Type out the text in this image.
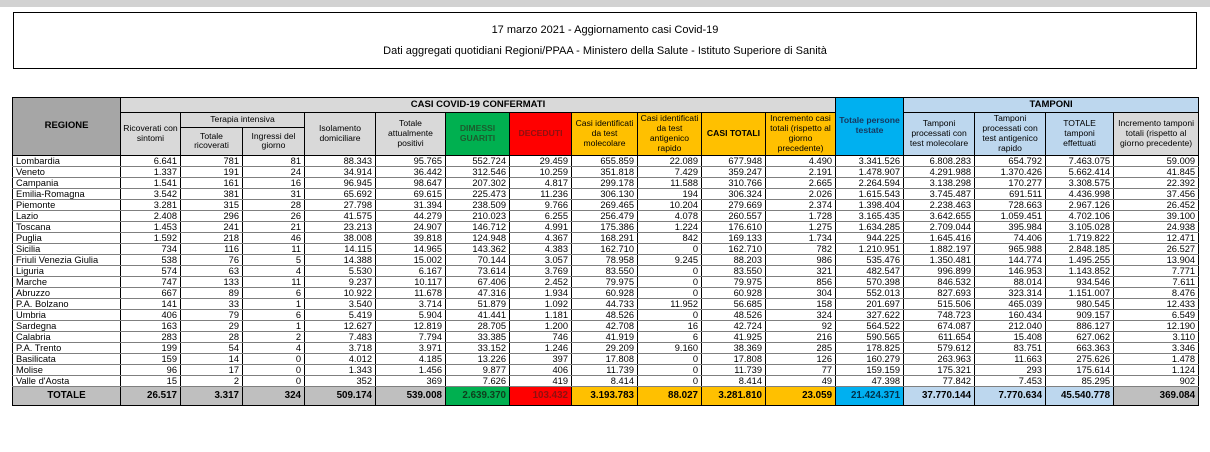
17 marzo 2021 - Aggiornamento casi Covid-19
Dati aggregati quotidiani Regioni/PPAA - Ministero della Salute - Istituto Superiore di Sanità
REGIONE	CASI COVID-19 CONFERMATI											Totale persone testate	TAMPONI			
	Ricoverati con sintomi	Terapia intensiva		Isolamento domiciliare	Totale attualmente positivi	DIMESSI GUARITI	DECEDUTI	Casi identificati da test molecolare	Casi identificati da test antigenico rapido	CASI TOTALI	Incremento casi totali (rispetto al giorno precedente)		Tamponi processati con test molecolare	Tamponi processati con test antigenico rapido	TOTALE tamponi effettuati	Incremento tamponi totali (rispetto al giorno precedente)
		Totale ricoverati	Ingressi del giorno													
Lombardia	6.641	781	81	88.343	95.765	552.724	29.459	655.859	22.089	677.948	4.490	3.341.526	6.808.283	654.792	7.463.075	59.009
Veneto	1.337	191	24	34.914	36.442	312.546	10.259	351.818	7.429	359.247	2.191	1.478.907	4.291.988	1.370.426	5.662.414	41.845
Campania	1.541	161	16	96.945	98.647	207.302	4.817	299.178	11.588	310.766	2.665	2.264.594	3.138.298	170.277	3.308.575	22.392
Emilia-Romagna	3.542	381	31	65.692	69.615	225.473	11.236	306.130	194	306.324	2.026	1.615.543	3.745.487	691.511	4.436.998	37.456
Piemonte	3.281	315	28	27.798	31.394	238.509	9.766	269.465	10.204	279.669	2.374	1.398.404	2.238.463	728.663	2.967.126	26.452
Lazio	2.408	296	26	41.575	44.279	210.023	6.255	256.479	4.078	260.557	1.728	3.165.435	3.642.655	1.059.451	4.702.106	39.100
Toscana	1.453	241	21	23.213	24.907	146.712	4.991	175.386	1.224	176.610	1.275	1.634.285	2.709.044	395.984	3.105.028	24.938
Puglia	1.592	218	46	38.008	39.818	124.948	4.367	168.291	842	169.133	1.734	944.225	1.645.416	74.406	1.719.822	12.471
Sicilia	734	116	11	14.115	14.965	143.362	4.383	162.710	0	162.710	782	1.210.951	1.882.197	965.988	2.848.185	26.527
Friuli Venezia Giulia	538	76	5	14.388	15.002	70.144	3.057	78.958	9.245	88.203	986	535.476	1.350.481	144.774	1.495.255	13.904
Liguria	574	63	4	5.530	6.167	73.614	3.769	83.550	0	83.550	321	482.547	996.899	146.953	1.143.852	7.771
Marche	747	133	11	9.237	10.117	67.406	2.452	79.975	0	79.975	856	570.398	846.532	88.014	934.546	7.611
Abruzzo	667	89	6	10.922	11.678	47.316	1.934	60.928	0	60.928	304	552.013	827.693	323.314	1.151.007	8.476
P.A. Bolzano	141	33	1	3.540	3.714	51.879	1.092	44.733	11.952	56.685	158	201.697	515.506	465.039	980.545	12.433
Umbria	406	79	6	5.419	5.904	41.441	1.181	48.526	0	48.526	324	327.622	748.723	160.434	909.157	6.549
Sardegna	163	29	1	12.627	12.819	28.705	1.200	42.708	16	42.724	92	564.522	674.087	212.040	886.127	12.190
Calabria	283	28	2	7.483	7.794	33.385	746	41.919	6	41.925	216	590.565	611.654	15.408	627.062	3.110
P.A. Trento	199	54	4	3.718	3.971	33.152	1.246	29.209	9.160	38.369	285	178.825	579.612	83.751	663.363	3.346
Basilicata	159	14	0	4.012	4.185	13.226	397	17.808	0	17.808	126	160.279	263.963	11.663	275.626	1.478
Molise	96	17	0	1.343	1.456	9.877	406	11.739	0	11.739	77	159.159	175.321	293	175.614	1.124
Valle d'Aosta	15	2	0	352	369	7.626	419	8.414	0	8.414	49	47.398	77.842	7.453	85.295	902
TOTALE	26.517	3.317	324	509.174	539.008	2.639.370	103.432	3.193.783	88.027	3.281.810	23.059	21.424.371	37.770.144	7.770.634	45.540.778	369.084
